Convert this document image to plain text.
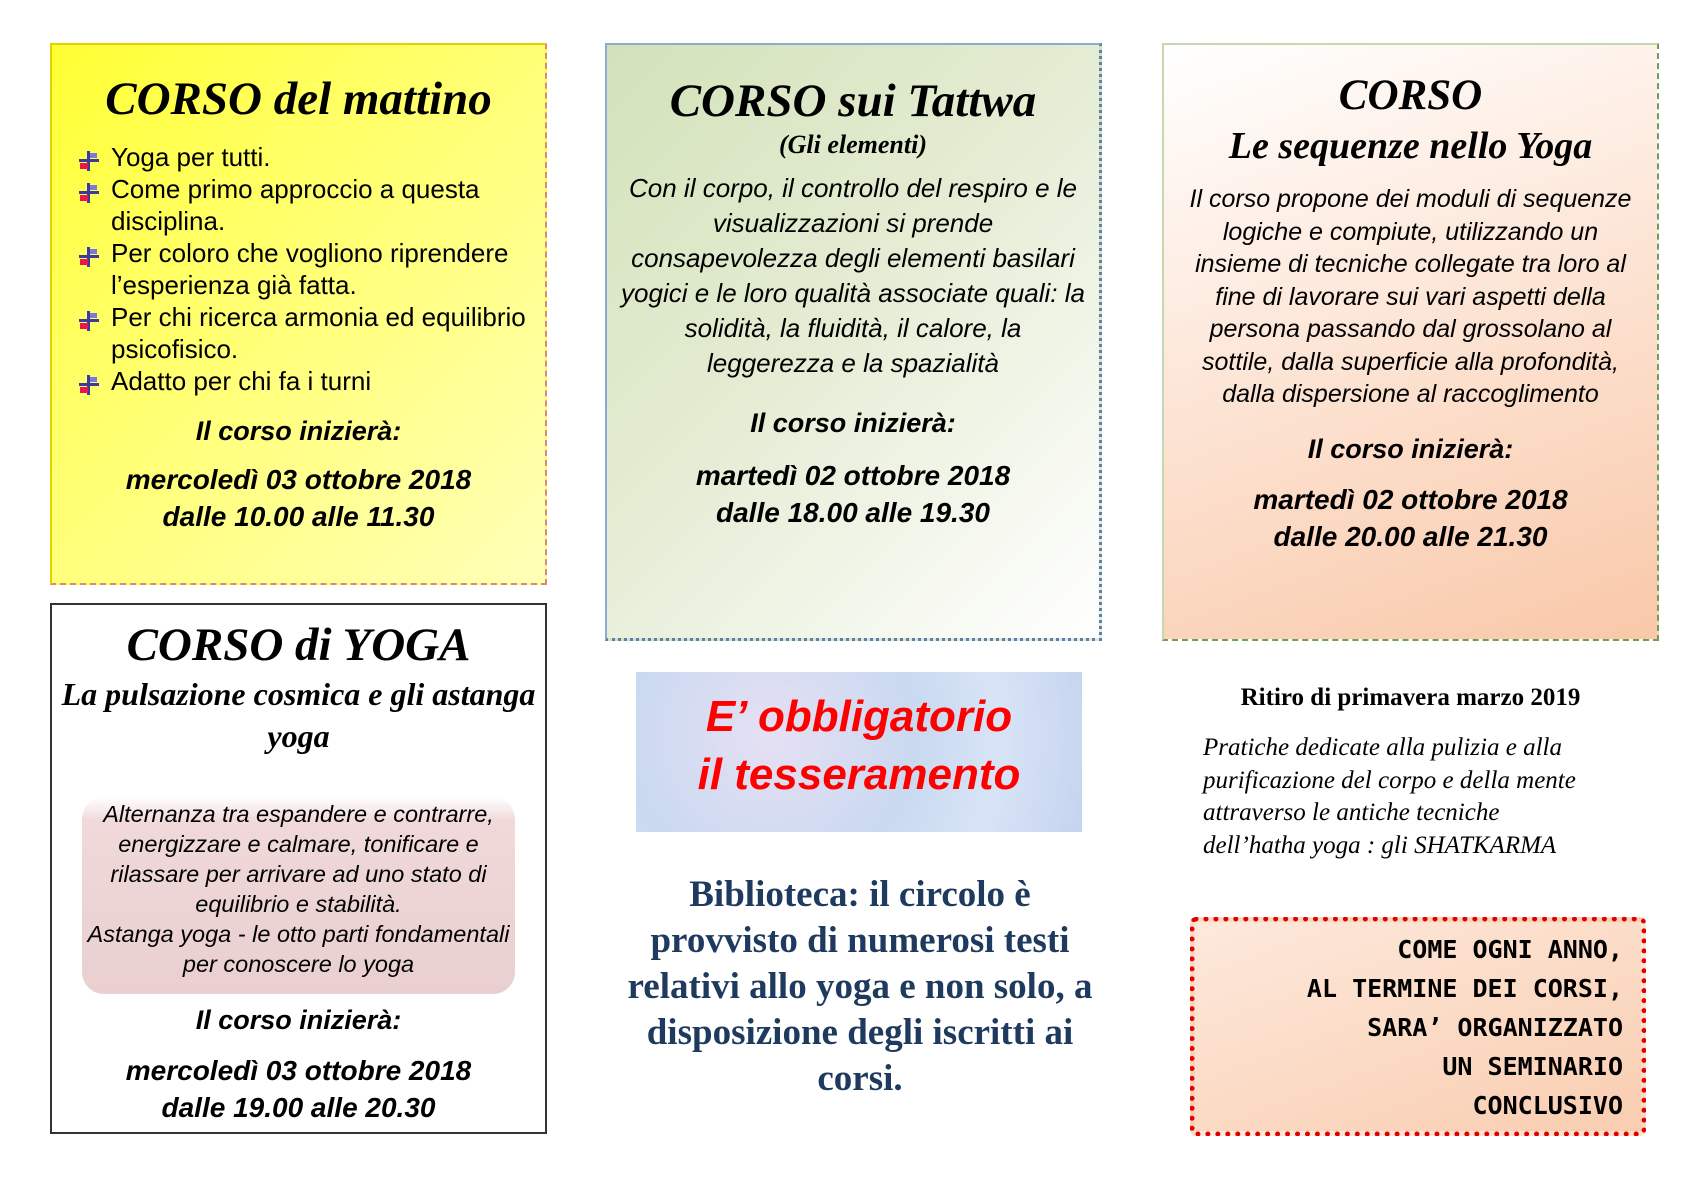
CORSO del mattino
Yoga per tutti.
Come primo approccio a questa disciplina.
Per coloro che vogliono riprendere l’esperienza già fatta.
Per chi ricerca armonia ed equilibrio psicofisico.
Adatto per chi fa i turni
Il corso inizierà:
mercoledì 03 ottobre 2018
dalle 10.00 alle 11.30
CORSO sui Tattwa
(Gli elementi)
Con il corpo, il controllo del respiro e le visualizzazioni si prende consapevolezza degli elementi basilari yogici e le loro qualità associate quali: la solidità, la fluidità, il calore, la leggerezza e la spazialità
Il corso inizierà:
martedì 02 ottobre 2018
dalle 18.00 alle 19.30
CORSO
Le sequenze nello Yoga
Il corso propone dei moduli di sequenze logiche e compiute, utilizzando un insieme di tecniche collegate tra loro al fine di lavorare sui vari aspetti della persona passando dal grossolano al sottile, dalla superficie alla profondità, dalla dispersione al raccoglimento
Il corso inizierà:
martedì 02 ottobre 2018
dalle 20.00 alle 21.30
CORSO di YOGA
La pulsazione cosmica e gli astanga yoga
Alternanza tra espandere e contrarre, energizzare e calmare, tonificare e rilassare per arrivare ad uno stato di equilibrio e stabilità.
Astanga yoga - le otto parti fondamentali per conoscere lo yoga
Il corso inizierà:
mercoledì 03 ottobre 2018
dalle 19.00 alle 20.30
E’ obbligatorio
il tesseramento
Biblioteca: il circolo è provvisto di numerosi testi relativi allo yoga e non solo, a disposizione degli iscritti ai corsi.
Ritiro di primavera marzo 2019
Pratiche dedicate alla pulizia e alla
purificazione del corpo e della mente
attraverso le antiche tecniche
dell’hatha yoga : gli SHATKARMA
COME OGNI ANNO,
AL TERMINE DEI CORSI,
SARA’ ORGANIZZATO
UN SEMINARIO
CONCLUSIVO
